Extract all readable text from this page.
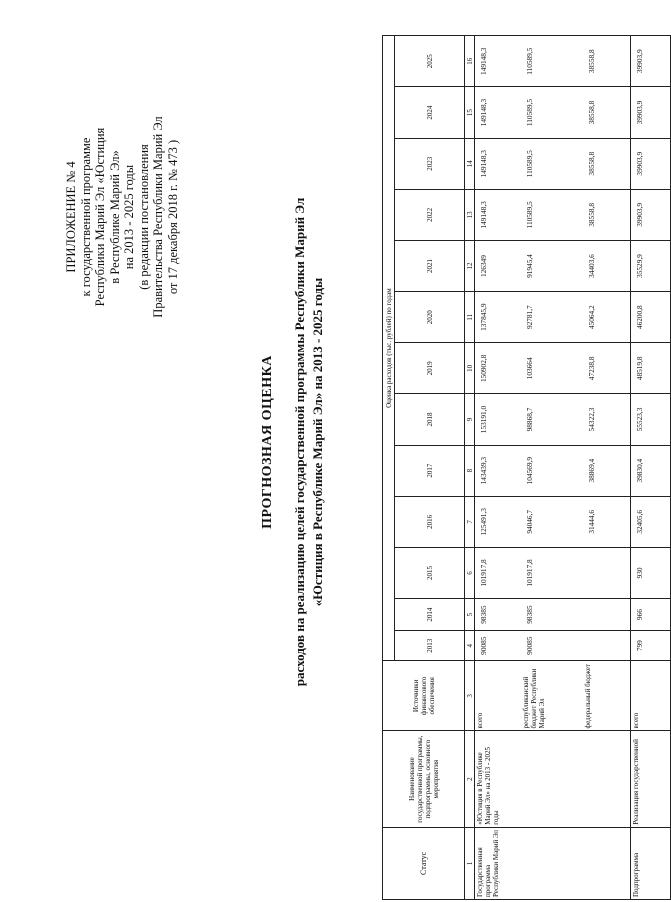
ПРИЛОЖЕНИЕ № 4 к государственной программе Республики Марий Эл «Юстиция в Республике Марий Эл» на 2013 - 2025 годы (в редакции постановления Правительства Республики Марий Эл от 17 декабря 2018 г. № 473 )
ПРОГНОЗНАЯ ОЦЕНКА расходов на реализацию целей государственной программы Республики Марий Эл «Юстиция в Республике Марий Эл» на 2013 - 2025 годы
Статус	Наименование государственной программы, подпрограммы, основного мероприятия	Источники финансового обеспечения	Оценка расходов (тыс. рублей) по годам												
			2013	2014	2015	2016	2017	2018	2019	2020	2021	2022	2023	2024	2025
1	2	3	4	5	6	7	8	9	10	11	12	13	14	15	16
Государственная программа Республики Марий Эл	«Юстиция в Республике Марий Эл» на 2013 - 2025 годы	всего	90085	98385	101917,8	125491,3	143439,3	153191,0	150902,8	137845,9	126349	149148,3	149148,3	149148,3	149148,3
		республиканский бюджет Республики Марий Эл	90085	98385	101917,8	94046,7	104569,9	98868,7	103664	92781,7	91945,4	110589,5	110589,5	110589,5	110589,5
		федеральный бюджет				31444,6	38869,4	54322,3	47238,8	45064,2	34403,6	38558,8	38558,8	38558,8	38558,8
Подпрограмма	Реализация государственной	всего	799	966	930	32405,6	39830,4	55523,3	48519,8	46200,8	35529,9	39903,9	39903,9	39903,9	39903,9
